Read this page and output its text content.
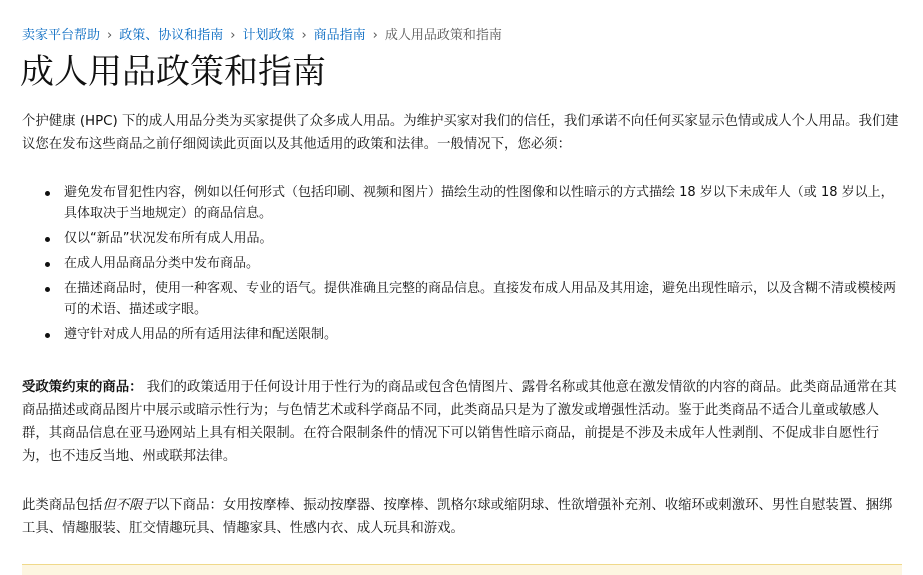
卖家平台帮助 › 政策、协议和指南 › 计划政策 › 商品指南 › 成人用品政策和指南
成人用品政策和指南

个护健康 (HPC) 下的成人用品分类为买家提供了众多成人用品。为维护买家对我们的信任，我们承诺不向任何买家显示色情或成人个人用品。我们建议您在发布这些商品之前仔细阅读此页面以及其他适用的政策和法律。一般情况下，您必须：

避免发布冒犯性内容，例如以任何形式（包括印刷、视频和图片）描绘生动的性图像和以性暗示的方式描绘 18 岁以下未成年人（或 18 岁以上，具体取决于当地规定）的商品信息。
仅以“新品”状况发布所有成人用品。
在成人用品商品分类中发布商品。
在描述商品时，使用一种客观、专业的语气。提供准确且完整的商品信息。直接发布成人用品及其用途，避免出现性暗示，以及含糊不清或模棱两可的术语、描述或字眼。
遵守针对成人用品的所有适用法律和配送限制。

受政策约束的商品： 我们的政策适用于任何设计用于性行为的商品或包含色情图片、露骨名称或其他意在激发情欲的内容的商品。此类商品通常在其商品描述或商品图片中展示或暗示性行为；与色情艺术或科学商品不同，此类商品只是为了激发或增强性活动。鉴于此类商品不适合儿童或敏感人群，其商品信息在亚马逊网站上具有相关限制。在符合限制条件的情况下可以销售性暗示商品，前提是不涉及未成年人性剥削、不促成非自愿性行为，也不违反当地、州或联邦法律。

此类商品包括但不限于以下商品：女用按摩棒、振动按摩器、按摩棒、凯格尔球或缩阴球、性欲增强补充剂、收缩环或刺激环、男性自慰装置、捆绑工具、情趣服装、肛交情趣玩具、情趣家具、性感内衣、成人玩具和游戏。
